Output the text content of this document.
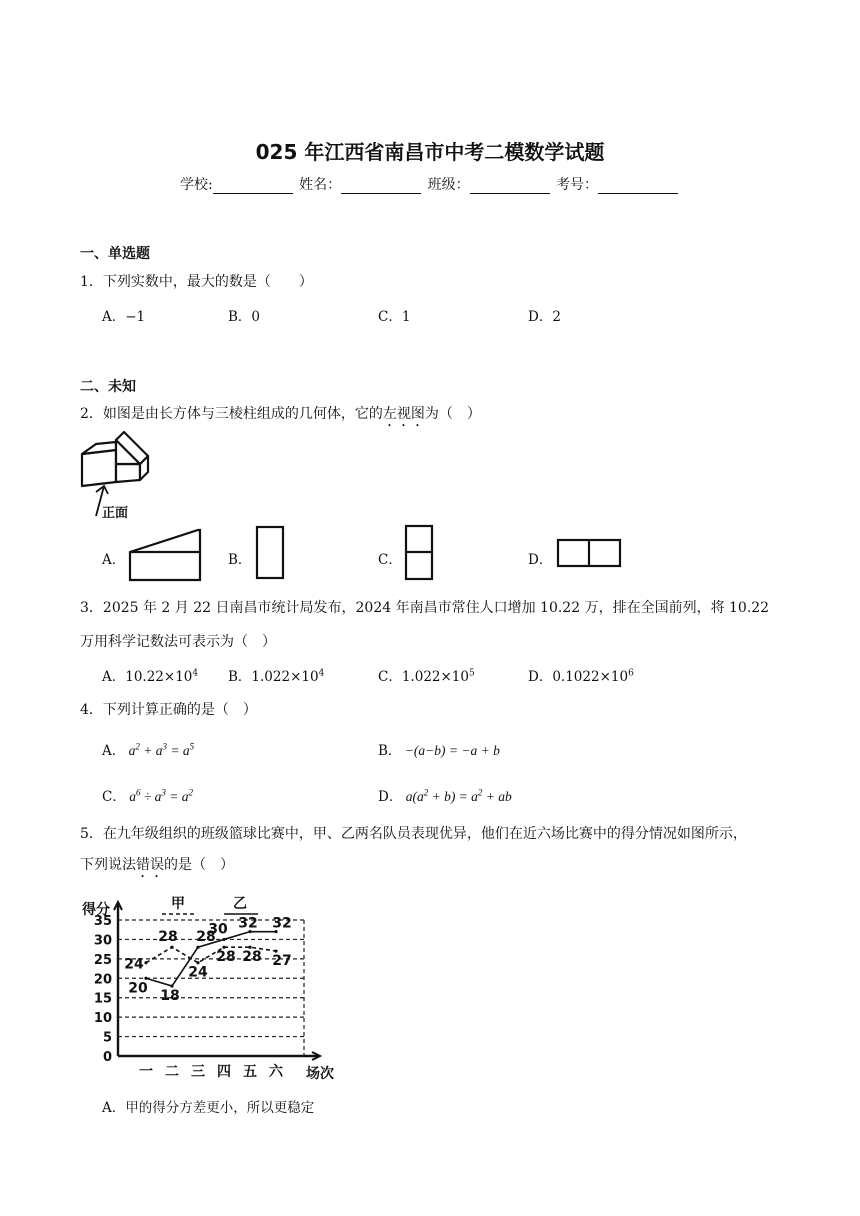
025 年江西省南昌市中考二模数学试题
学校:	姓名：	班级：	考号：
一、单选题
1．下列实数中，最大的数是（　　）
A．−1	B．0	C．1	D．2
二、未知
2．如图是由长方体与三棱柱组成的几何体，它的左视图为（　）
正面
A．	B．	C．	D．
3．2025 年 2 月 22 日南昌市统计局发布，2024 年南昌市常住人口增加 10.22 万，排在全国前列，将 10.22
万用科学记数法可表示为（　）
A．$10.22\times 10^4$ B．$1.022\times 10^4$	C．$1.022\times 10^5$	D．$0.1022\times 10^6$
4．下列计算正确的是（　）
A． $a^2 + a^3 = a^5$	B． −(a−b) = −a + b
C． $a^6 \div a^3 = a^2$	D． $a(a^2 + b) = a^2$ + ab
5．在九年级组织的班级篮球比赛中，甲、乙两名队员表现优异，他们在近六场比赛中的得分情况如图所示，
下列说法错误的是（　）
0
5
10
15
20
25
30
35
得分
场次
一 二 三 四 五 六
甲	乙
24
28
24
28 28 27
20 18
28
30 32 32
A．甲的得分方差更小，所以更稳定
